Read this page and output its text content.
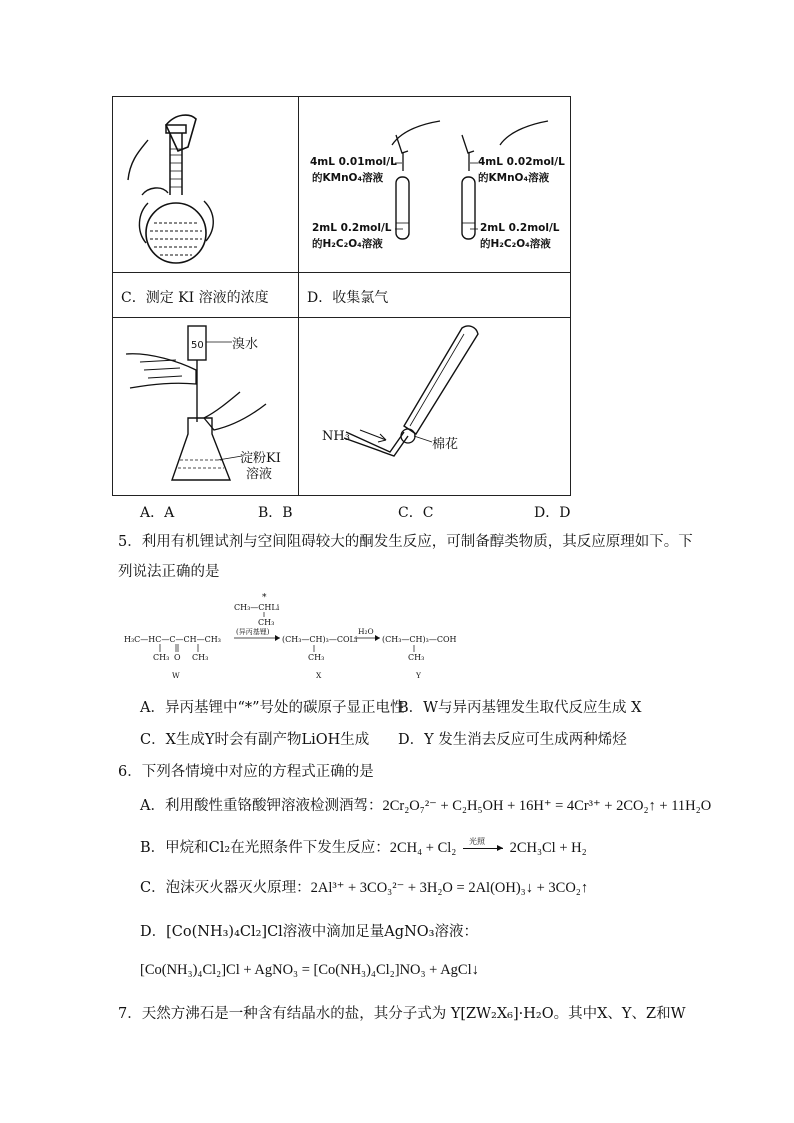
C．测定 KI 溶液的浓度	D．收集氯气
4mL 0.01mol/L
的KMnO₄溶液
2mL 0.2mol/L
的H₂C₂O₄溶液
4mL 0.02mol/L
的KMnO₄溶液
2mL 0.2mol/L
的H₂C₂O₄溶液
50 溴水
淀粉KI
溶液
NH₃
棉花
A．A	B．B	C．C	D．D
5．利用有机锂试剂与空间阻碍较大的酮发生反应，可制备醇类物质，其反应原理如下。下
列说法正确的是
*
CH₃—CHLi
CH₃
H₃C—HC—C—CH—CH₃
CH₃ O CH₃
(异丙基锂)
(CH₃—CH)₃—COLi
CH₃
H₂O
(CH₃—CH)₃—COH
CH₃
W	X	Y
A．异丙基锂中“*”号处的碳原子显正电性
B．W与异丙基锂发生取代反应生成 X
C．X生成Y时会有副产物LiOH生成 D．Y 发生消去反应可生成两种烯烃
6．下列各情境中对应的方程式正确的是
A．利用酸性重铬酸钾溶液检测酒驾：2Cr₂O₇²⁻ + C₂H₅OH + 16H⁺ = 4Cr³⁺ + 2CO₂↑ + 11H₂O
B．甲烷和Cl₂在光照条件下发生反应：2CH₄ + Cl₂ 光照 2CH₃Cl + H₂
C．泡沫灭火器灭火原理：2Al³⁺ + 3CO₃²⁻ + 3H₂O = 2Al(OH)₃↓ + 3CO₂↑
D．[Co(NH₃)₄Cl₂]Cl溶液中滴加足量AgNO₃溶液：
[Co(NH₃)₄Cl₂]Cl + AgNO₃ = [Co(NH₃)₄Cl₂]NO₃ + AgCl↓
7．天然方沸石是一种含有结晶水的盐，其分子式为 Y[ZW₂X₆]·H₂O。其中X、Y、Z和W
